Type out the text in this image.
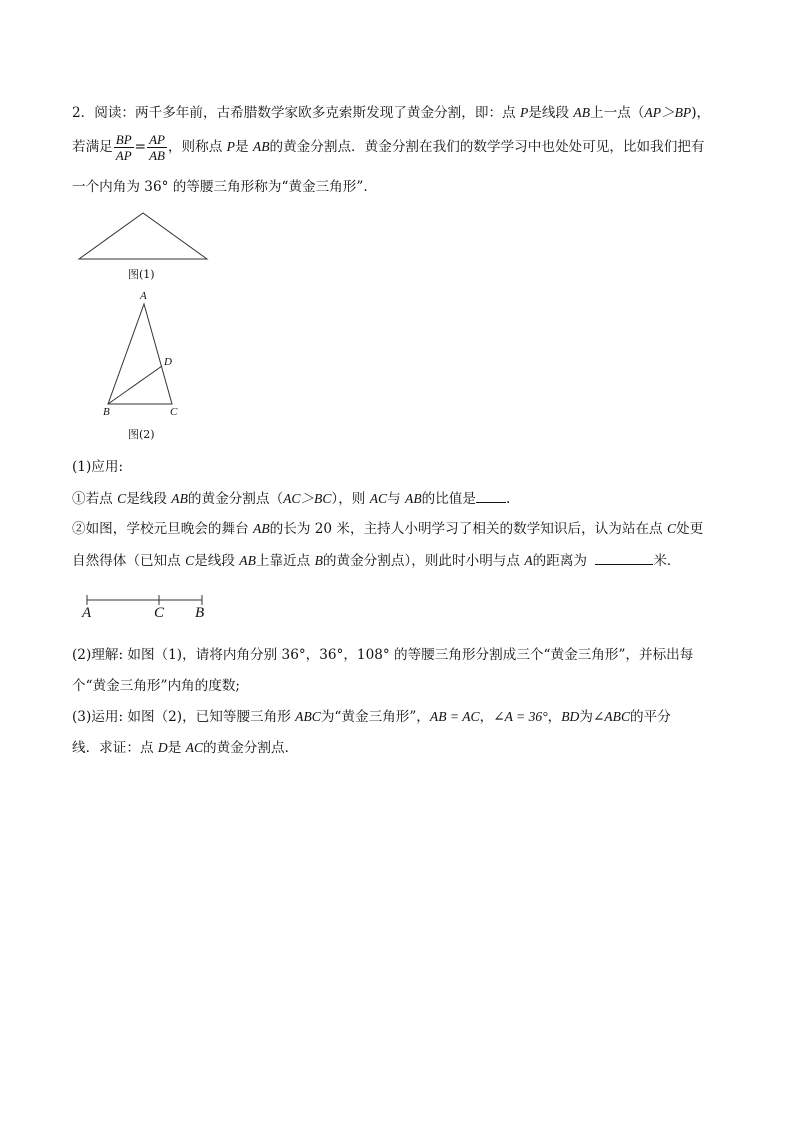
2．阅读：两千多年前，古希腊数学家欧多克索斯发现了黄金分割，即：点 P是线段 AB上一点（AP＞BP)，
若满足 $\frac{BP}{AP} = \frac{AP}{AB}$ ，则称点 P是 AB的黄金分割点．黄金分割在我们的数学学习中也处处可见，比如我们把有
一个内角为 36° 的等腰三角形称为“黄金三角形”.
图(1)
A
D
B	C
图(2)
(1)应用:
①若点 C是线段 AB的黄金分割点（AC＞BC），则 AC与 AB的比值是 .
②如图，学校元旦晚会的舞台 AB的长为 20 米，主持人小明学习了相关的数学知识后，认为站在点 C处更
自然得体（已知点 C是线段 AB上靠近点 B的黄金分割点），则此时小明与点 A的距离为	米．
A	C B
(2)理解: 如图（1)，请将内角分别 36°，36°，108° 的等腰三角形分割成三个“黄金三角形”，并标出每
个“黄金三角形”内角的度数;
(3)运用: 如图（2)，已知等腰三角形 ABC为“黄金三角形”，AB = AC，∠A = 36°，BD为∠ABC的平分
线．求证：点 D是 AC的黄金分割点．
